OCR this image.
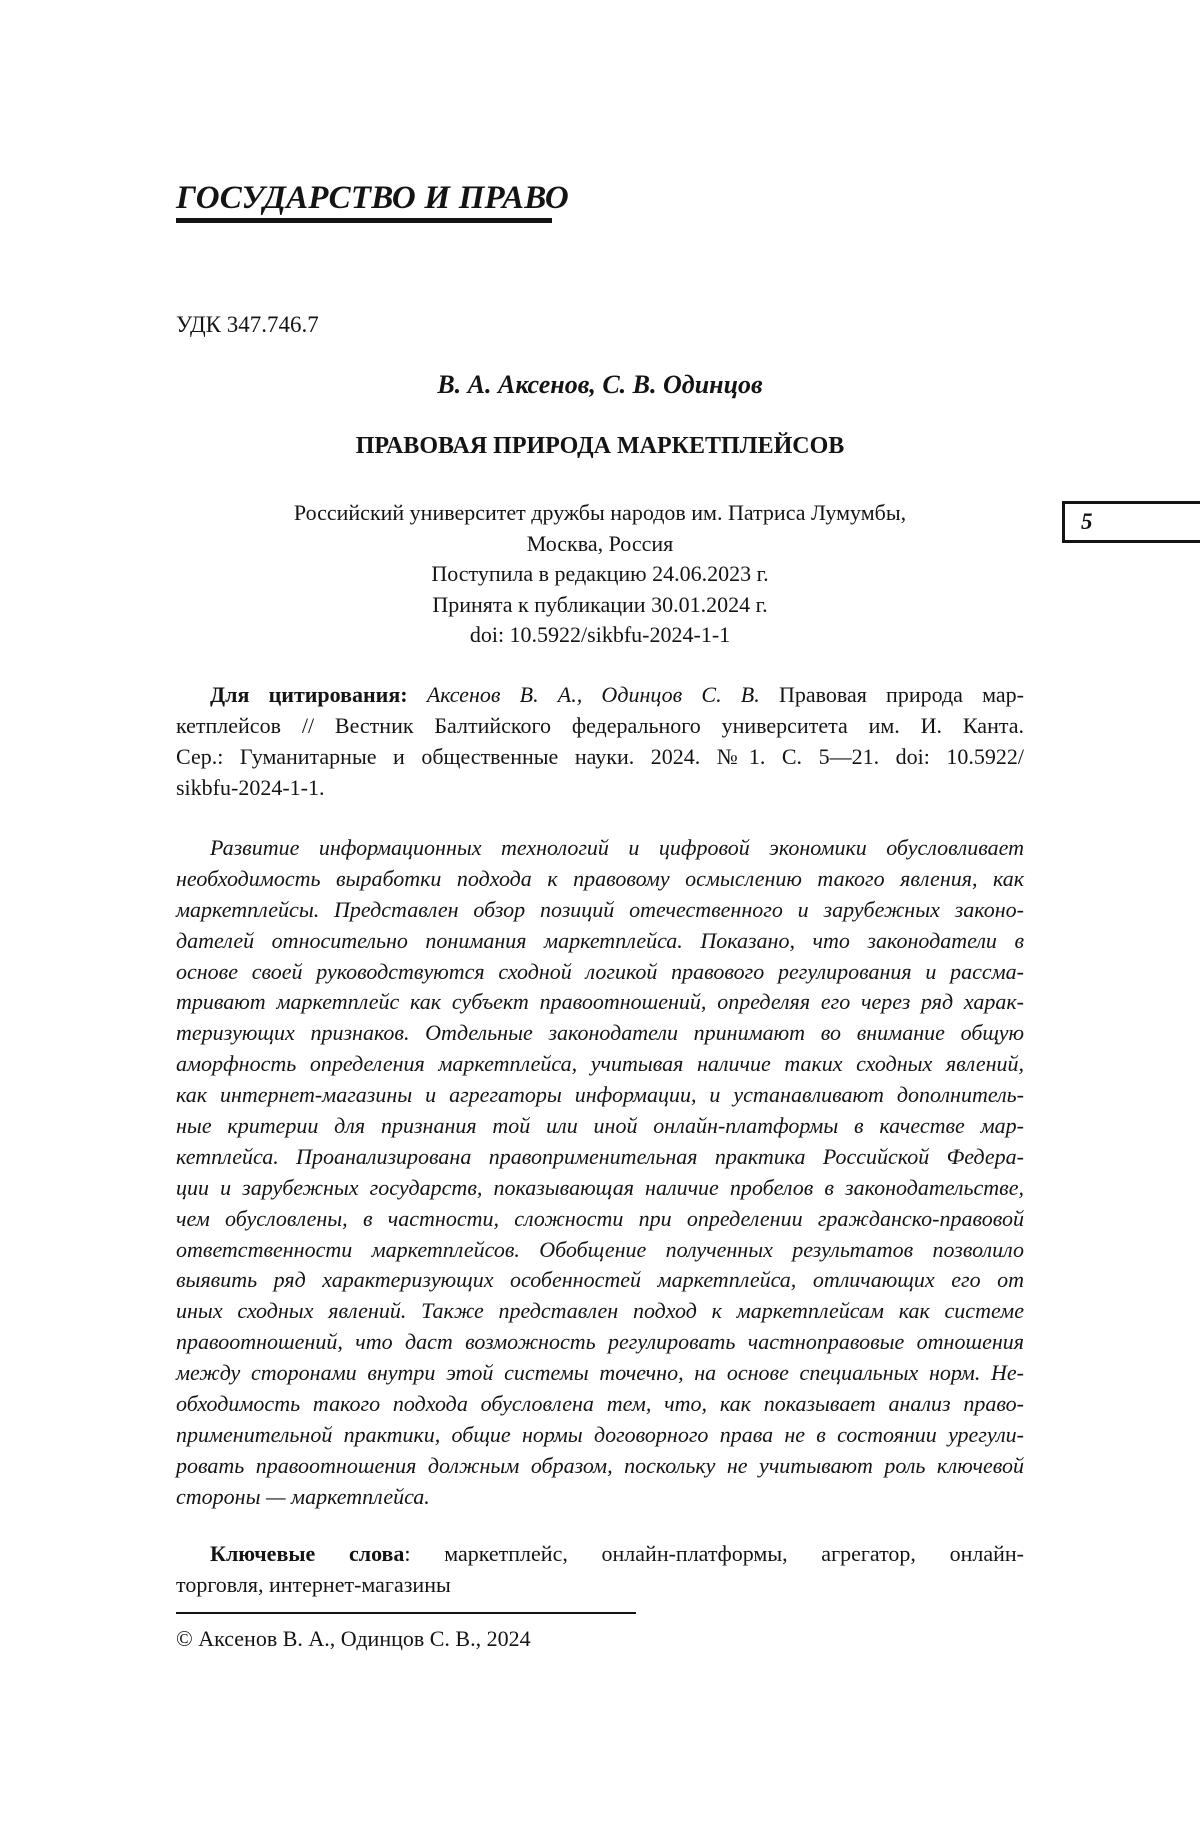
ГОСУДАРСТВО И ПРАВО
УДК 347.746.7
В. А. Аксенов, С. В. Одинцов
ПРАВОВАЯ ПРИРОДА МАРКЕТПЛЕЙСОВ
Российский университет дружбы народов им. Патриса Лумумбы,
Москва, Россия
Поступила в редакцию 24.06.2023 г.
Принята к публикации 30.01.2024 г.
doi: 10.5922/sikbfu-2024-1-1
5
Для цитирования: Аксенов В. А., Одинцов С. В. Правовая природа мар-
кетплейсов // Вестник Балтийского федерального университета им. И. Канта.
Сер.: Гуманитарные и общественные науки. 2024. №1. С. 5—21. doi: 10.5922/
sikbfu-2024-1-1.
Развитие информационных технологий и цифровой экономики обусловливает
необходимость выработки подхода к правовому осмыслению такого явления, как
маркетплейсы. Представлен обзор позиций отечественного и зарубежных законо-
дателей относительно понимания маркетплейса. Показано, что законодатели в
основе своей руководствуются сходной логикой правового регулирования и рассма-
тривают маркетплейс как субъект правоотношений, определяя его через ряд харак-
теризующих признаков. Отдельные законодатели принимают во внимание общую
аморфность определения маркетплейса, учитывая наличие таких сходных явлений,
как интернет-магазины и агрегаторы информации, и устанавливают дополнитель-
ные критерии для признания той или иной онлайн-платформы в качестве мар-
кетплейса. Проанализирована правоприменительная практика Российской Федера-
ции и зарубежных государств, показывающая наличие пробелов в законодательстве,
чем обусловлены, в частности, сложности при определении гражданско-правовой
ответственности маркетплейсов. Обобщение полученных результатов позволило
выявить ряд характеризующих особенностей маркетплейса, отличающих его от
иных сходных явлений. Также представлен подход к маркетплейсам как системе
правоотношений, что даст возможность регулировать частноправовые отношения
между сторонами внутри этой системы точечно, на основе специальных норм. Не-
обходимость такого подхода обусловлена тем, что, как показывает анализ право-
применительной практики, общие нормы договорного права не в состоянии урегули-
ровать правоотношения должным образом, поскольку не учитывают роль ключевой
стороны — маркетплейса.
Ключевые слова: маркетплейс, онлайн-платформы, агрегатор, онлайн-
торговля, интернет-магазины
© Аксенов В. А., Одинцов С. В., 2024
